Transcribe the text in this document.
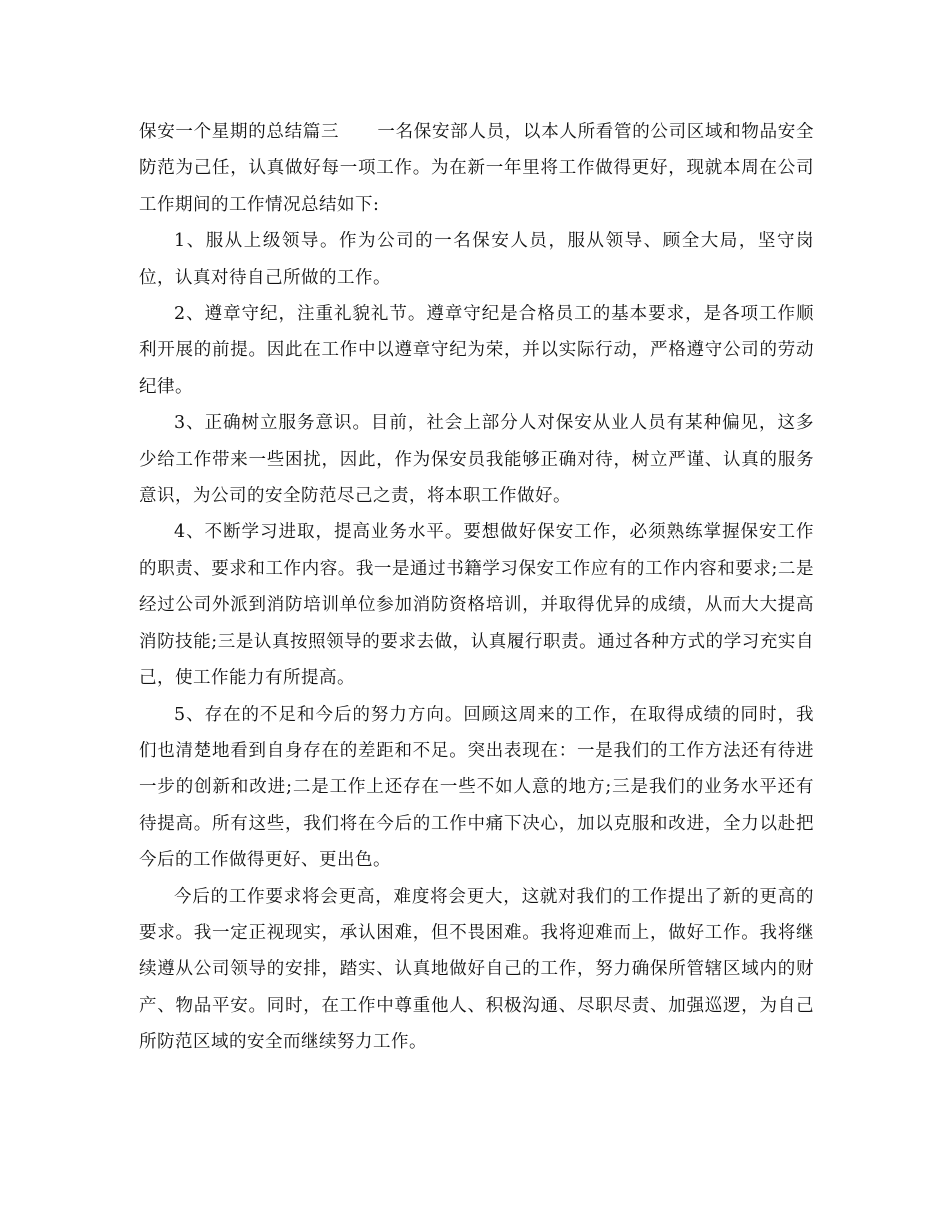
保安一个星期的总结篇三 一名保安部人员，以本人所看管的公司区域和物品安全防范为己任，认真做好每一项工作。为在新一年里将工作做得更好，现就本周在公司工作期间的工作情况总结如下:

1、服从上级领导。作为公司的一名保安人员，服从领导、顾全大局，坚守岗位，认真对待自己所做的工作。

2、遵章守纪，注重礼貌礼节。遵章守纪是合格员工的基本要求，是各项工作顺利开展的前提。因此在工作中以遵章守纪为荣，并以实际行动，严格遵守公司的劳动纪律。

3、正确树立服务意识。目前，社会上部分人对保安从业人员有某种偏见，这多少给工作带来一些困扰，因此，作为保安员我能够正确对待，树立严谨、认真的服务意识，为公司的安全防范尽己之责，将本职工作做好。

4、不断学习进取，提高业务水平。要想做好保安工作，必须熟练掌握保安工作的职责、要求和工作内容。我一是通过书籍学习保安工作应有的工作内容和要求;二是经过公司外派到消防培训单位参加消防资格培训，并取得优异的成绩，从而大大提高消防技能;三是认真按照领导的要求去做，认真履行职责。通过各种方式的学习充实自己，使工作能力有所提高。

5、存在的不足和今后的努力方向。回顾这周来的工作，在取得成绩的同时，我们也清楚地看到自身存在的差距和不足。突出表现在：一是我们的工作方法还有待进一步的创新和改进;二是工作上还存在一些不如人意的地方;三是我们的业务水平还有待提高。所有这些，我们将在今后的工作中痛下决心，加以克服和改进，全力以赴把今后的工作做得更好、更出色。

今后的工作要求将会更高，难度将会更大，这就对我们的工作提出了新的更高的要求。我一定正视现实，承认困难，但不畏困难。我将迎难而上，做好工作。我将继续遵从公司领导的安排，踏实、认真地做好自己的工作，努力确保所管辖区域内的财产、物品平安。同时，在工作中尊重他人、积极沟通、尽职尽责、加强巡逻，为自己所防范区域的安全而继续努力工作。
